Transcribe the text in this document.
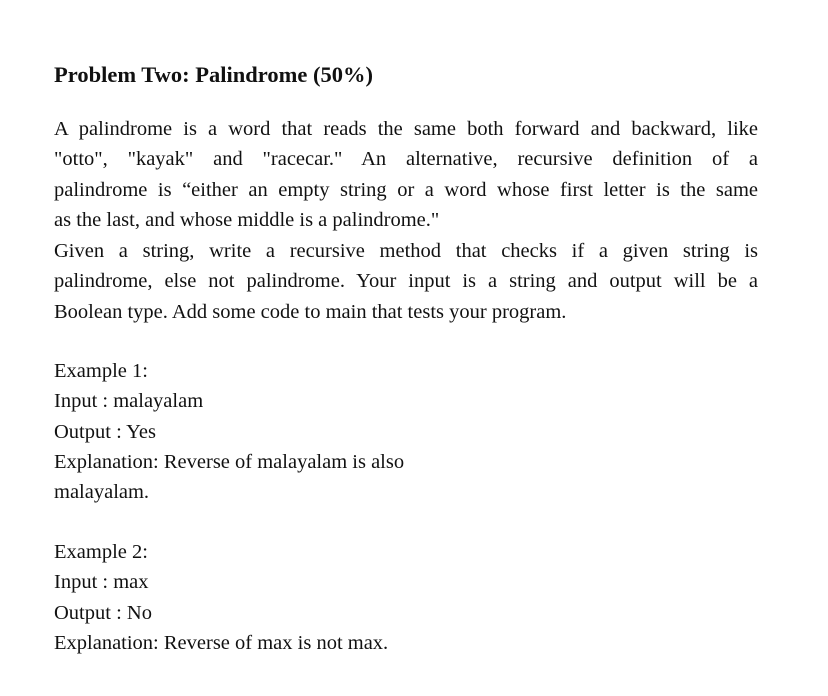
Problem Two: Palindrome (50%)
A palindrome is a word that reads the same both forward and backward, like
"otto", "kayak" and "racecar." An alternative, recursive definition of a
palindrome is “either an empty string or a word whose first letter is the same
as the last, and whose middle is a palindrome."
Given a string, write a recursive method that checks if a given string is
palindrome, else not palindrome. Your input is a string and output will be a
Boolean type. Add some code to main that tests your program.
Example 1:
Input : malayalam
Output : Yes
Explanation: Reverse of malayalam is also
malayalam.
Example 2:
Input : max
Output : No
Explanation: Reverse of max is not max.
